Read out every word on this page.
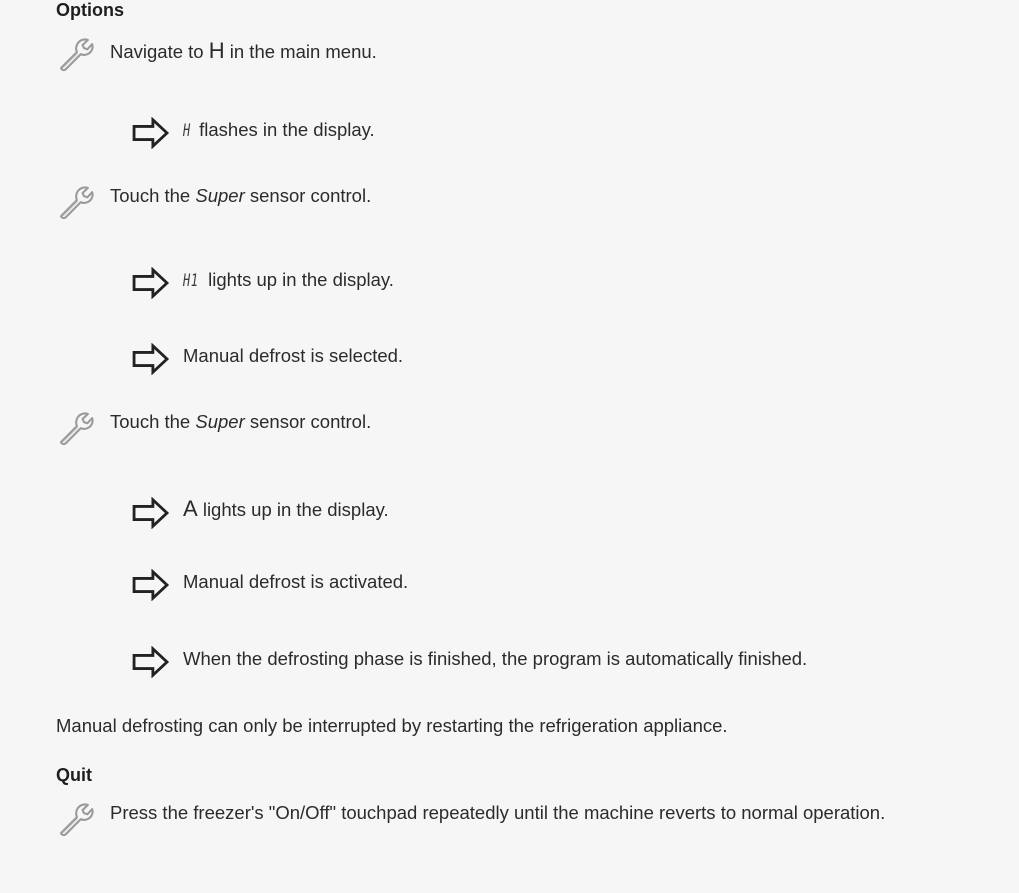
Options
Navigate to H in the main menu.
H flashes in the display.
Touch the Super sensor control.
H1 lights up in the display.
Manual defrost is selected.
Touch the Super sensor control.
A lights up in the display.
Manual defrost is activated.
When the defrosting phase is finished, the program is automatically finished.
Manual defrosting can only be interrupted by restarting the refrigeration appliance.
Quit
Press the freezer's "On/Off" touchpad repeatedly until the machine reverts to normal operation.
